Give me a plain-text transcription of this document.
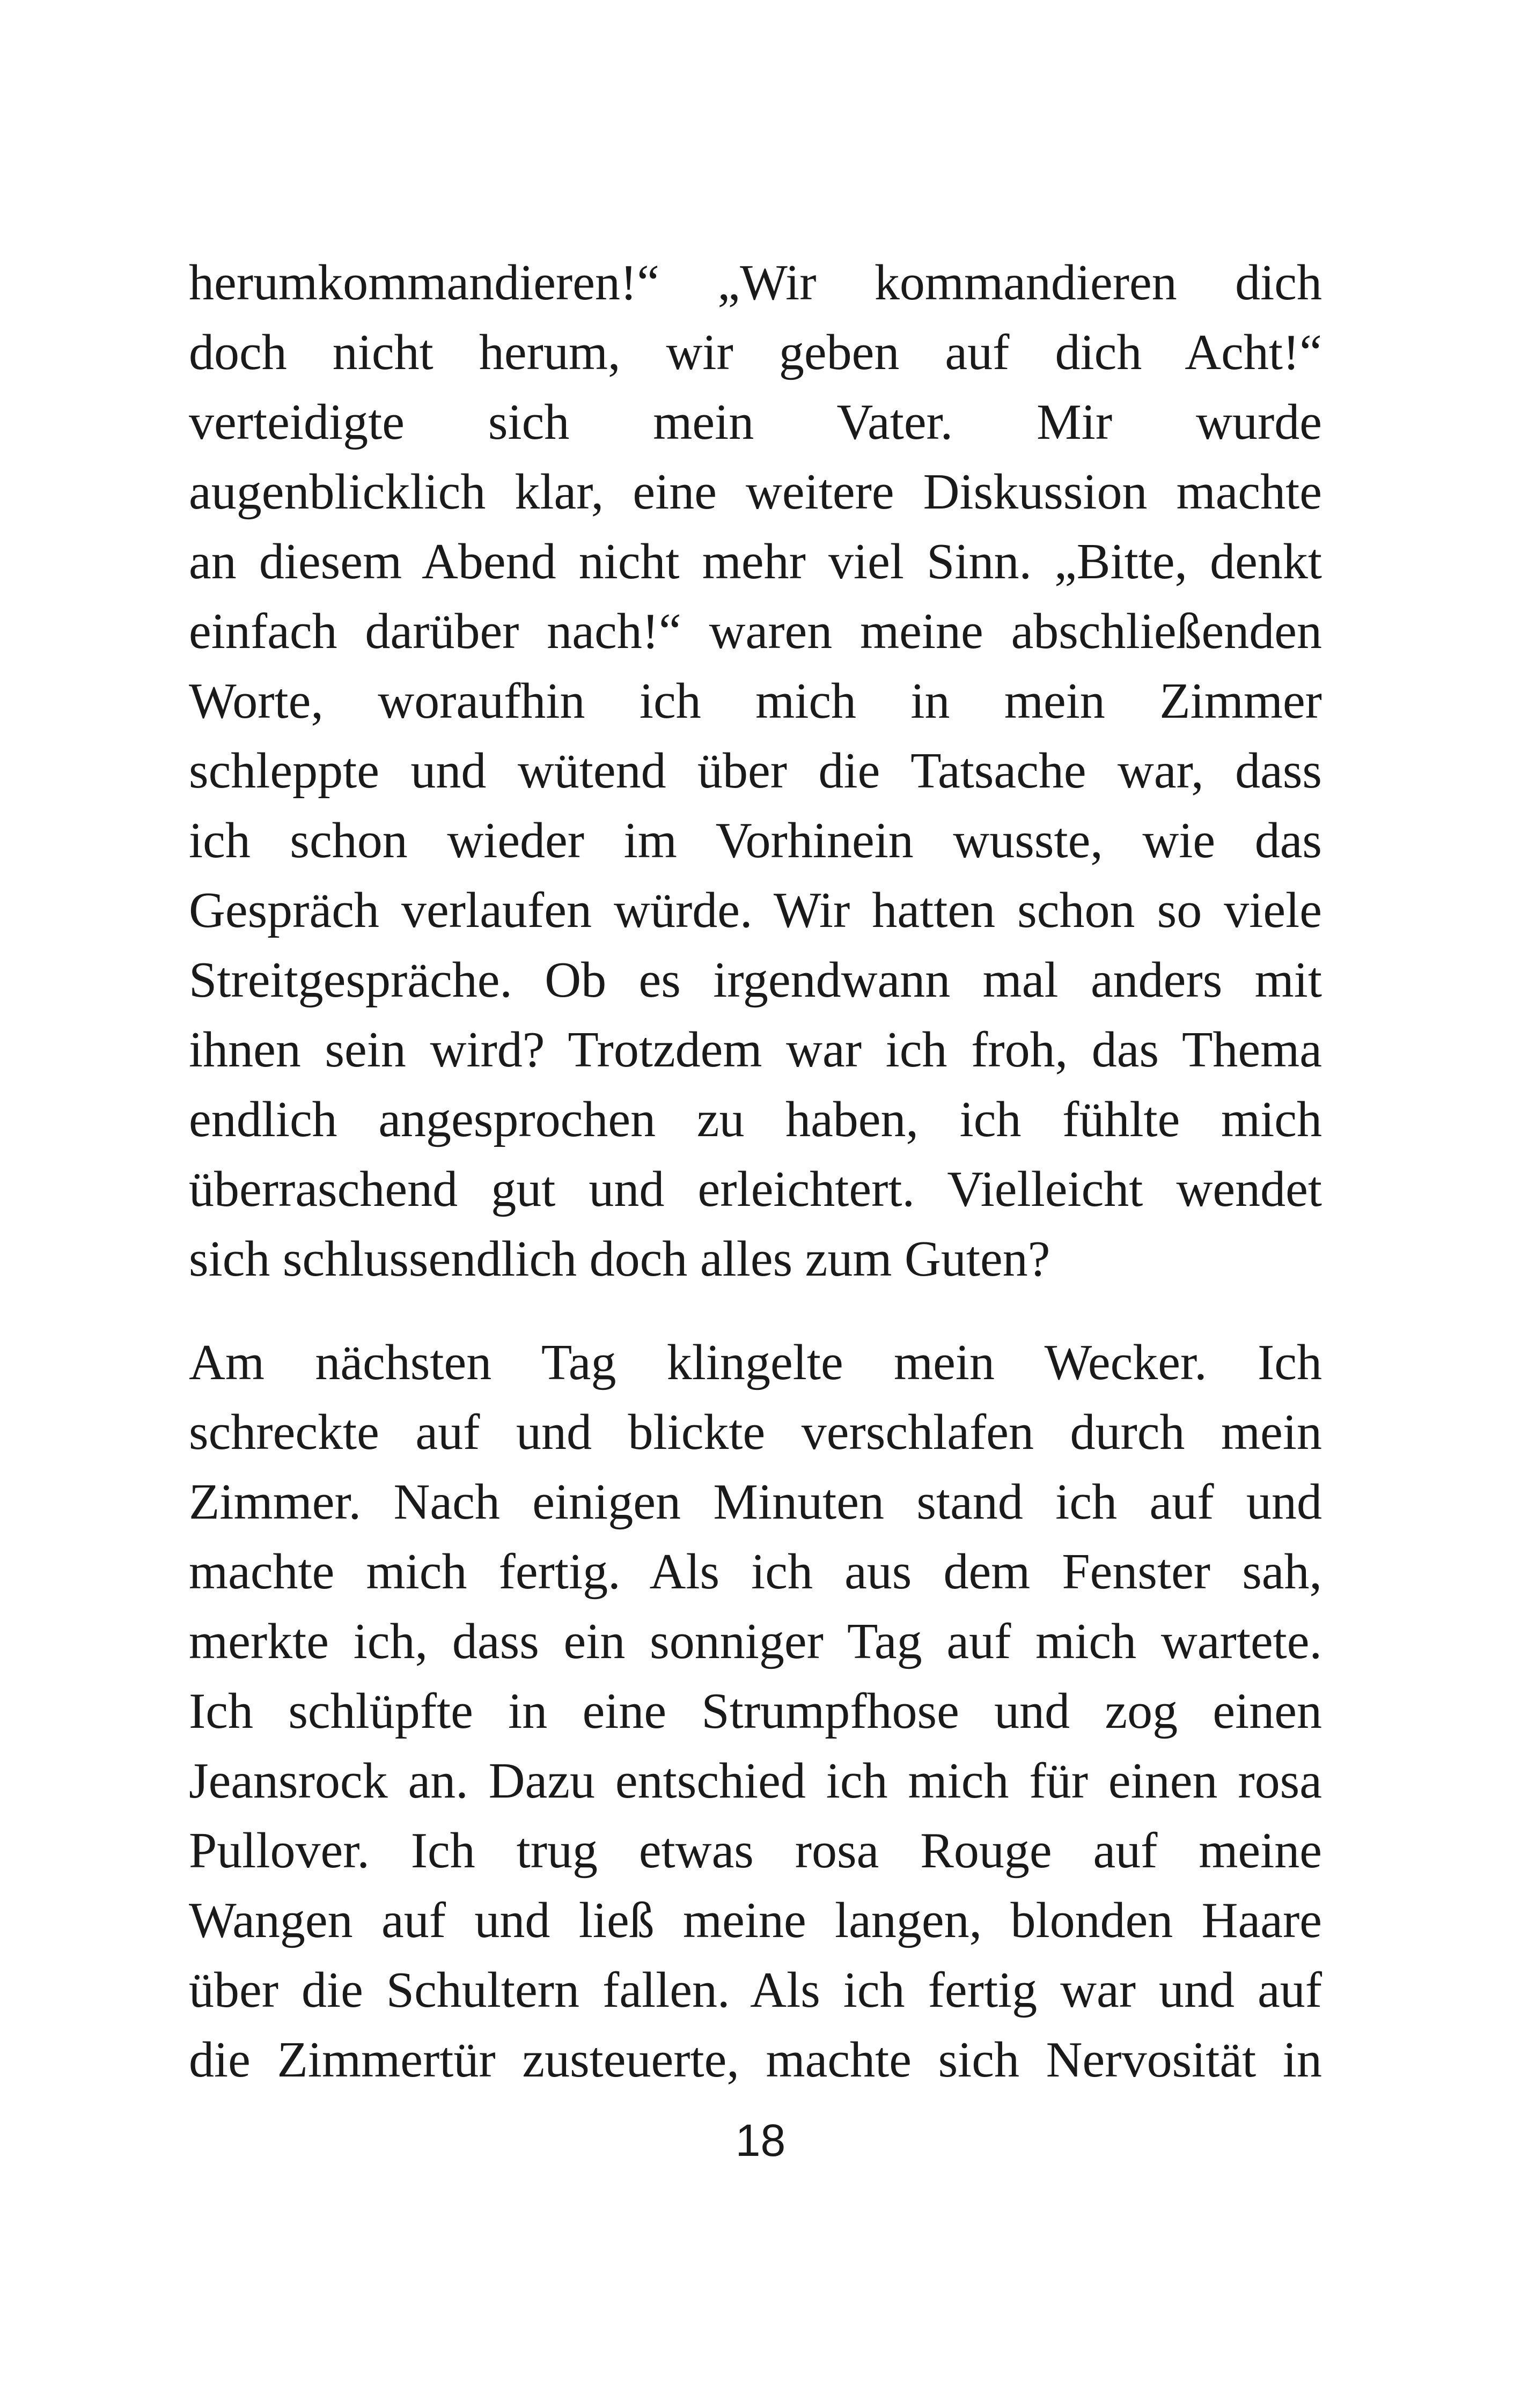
herumkommandieren!“ „Wir kommandieren dich
doch nicht herum, wir geben auf dich Acht!“
verteidigte sich mein Vater. Mir wurde
augenblicklich klar, eine weitere Diskussion machte
an diesem Abend nicht mehr viel Sinn. „Bitte, denkt
einfach darüber nach!“ waren meine abschließenden
Worte, woraufhin ich mich in mein Zimmer
schleppte und wütend über die Tatsache war, dass
ich schon wieder im Vorhinein wusste, wie das
Gespräch verlaufen würde. Wir hatten schon so viele
Streitgespräche. Ob es irgendwann mal anders mit
ihnen sein wird? Trotzdem war ich froh, das Thema
endlich angesprochen zu haben, ich fühlte mich
überraschend gut und erleichtert. Vielleicht wendet
sich schlussendlich doch alles zum Guten?
Am nächsten Tag klingelte mein Wecker. Ich
schreckte auf und blickte verschlafen durch mein
Zimmer. Nach einigen Minuten stand ich auf und
machte mich fertig. Als ich aus dem Fenster sah,
merkte ich, dass ein sonniger Tag auf mich wartete.
Ich schlüpfte in eine Strumpfhose und zog einen
Jeansrock an. Dazu entschied ich mich für einen rosa
Pullover. Ich trug etwas rosa Rouge auf meine
Wangen auf und ließ meine langen, blonden Haare
über die Schultern fallen. Als ich fertig war und auf
die Zimmertür zusteuerte, machte sich Nervosität in
18
